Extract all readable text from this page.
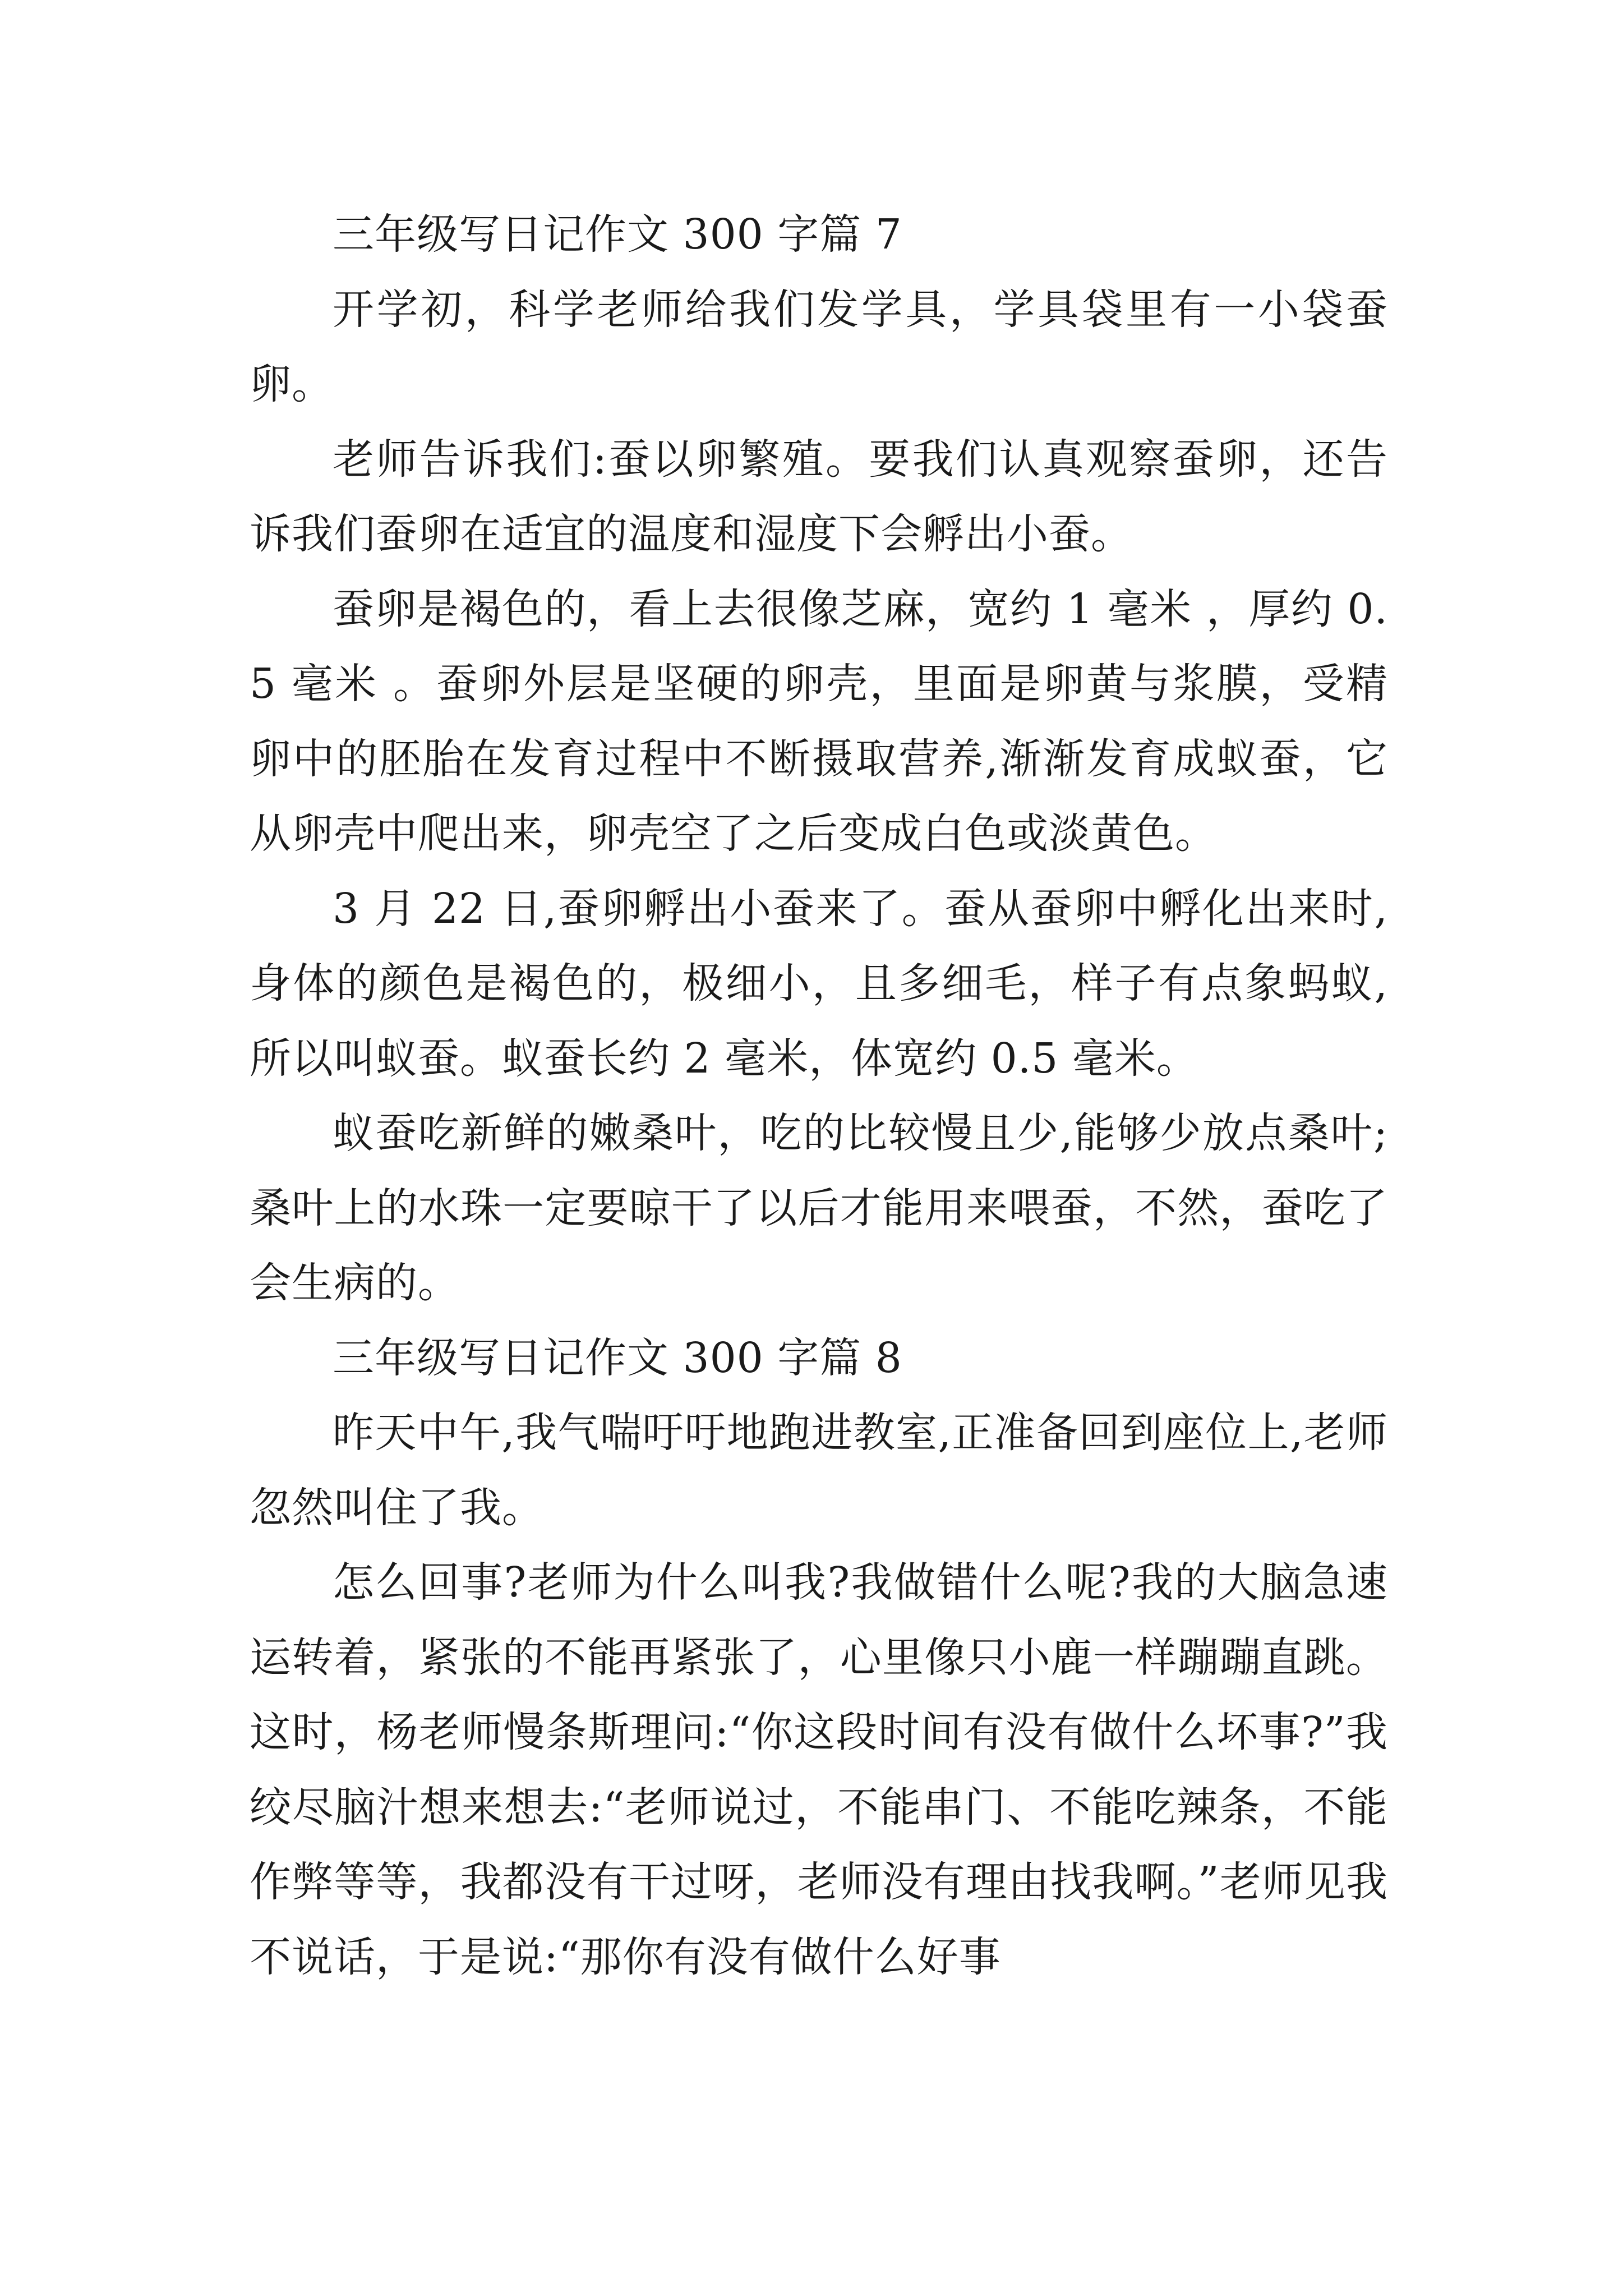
三年级写日记作文 300 字篇 7

开学初，科学老师给我们发学具，学具袋里有一小袋蚕卵。

老师告诉我们:蚕以卵繁殖。要我们认真观察蚕卵，还告诉我们蚕卵在适宜的温度和湿度下会孵出小蚕。

蚕卵是褐色的，看上去很像芝麻，宽约 1 毫米 ，厚约 0.5 毫米 。蚕卵外层是坚硬的卵壳，里面是卵黄与浆膜，受精卵中的胚胎在发育过程中不断摄取营养,渐渐发育成蚁蚕，它从卵壳中爬出来，卵壳空了之后变成白色或淡黄色。

3 月 22 日,蚕卵孵出小蚕来了。蚕从蚕卵中孵化出来时,身体的颜色是褐色的，极细小，且多细毛，样子有点象蚂蚁,所以叫蚁蚕。蚁蚕长约 2 毫米，体宽约 0.5 毫米。

蚁蚕吃新鲜的嫩桑叶，吃的比较慢且少,能够少放点桑叶;桑叶上的水珠一定要晾干了以后才能用来喂蚕，不然，蚕吃了会生病的。

三年级写日记作文 300 字篇 8

昨天中午,我气喘吁吁地跑进教室,正准备回到座位上,老师忽然叫住了我。

怎么回事?老师为什么叫我?我做错什么呢?我的大脑急速运转着，紧张的不能再紧张了，心里像只小鹿一样蹦蹦直跳。这时，杨老师慢条斯理问:“你这段时间有没有做什么坏事?”我绞尽脑汁想来想去:“老师说过，不能串门、不能吃辣条，不能作弊等等，我都没有干过呀，老师没有理由找我啊。”老师见我不说话，于是说:“那你有没有做什么好事
